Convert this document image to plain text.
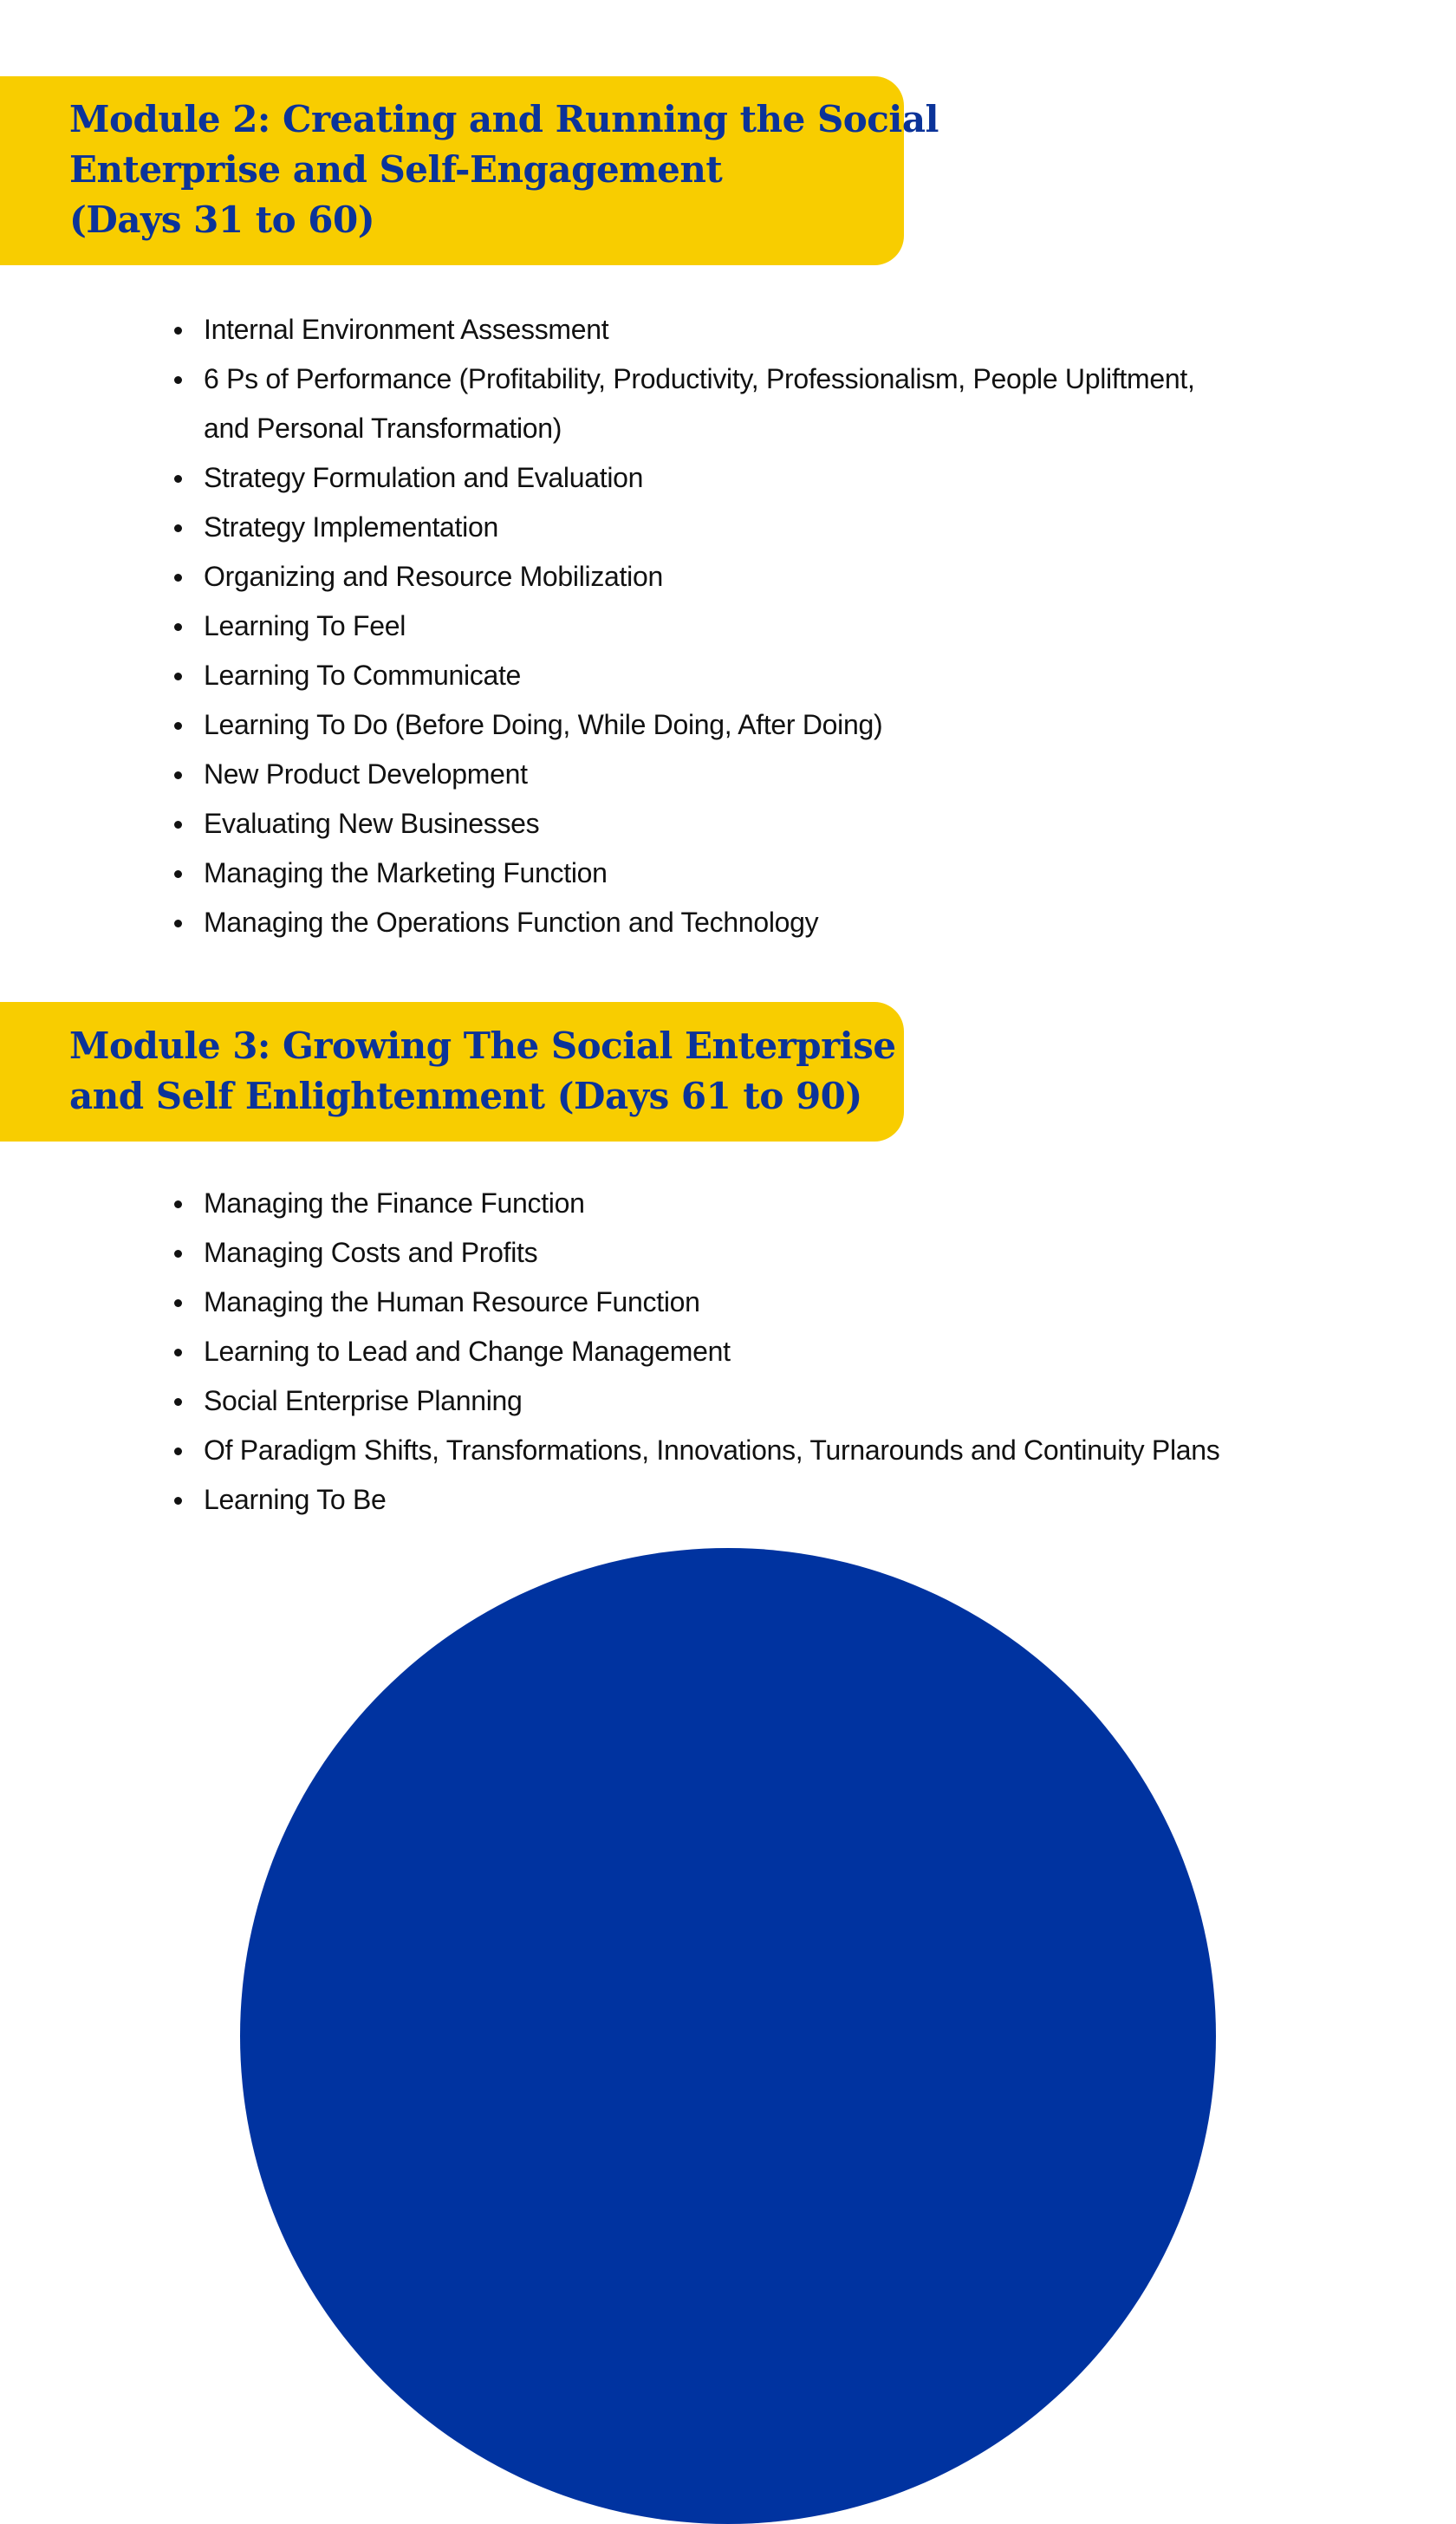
Module 2: Creating and Running the Social
Enterprise and Self-Engagement
(Days 31 to 60)
Internal Environment Assessment
6 Ps of Performance (Profitability, Productivity, Professionalism, People Upliftment,
and Personal Transformation)
Strategy Formulation and Evaluation
Strategy Implementation
Organizing and Resource Mobilization
Learning To Feel
Learning To Communicate
Learning To Do (Before Doing, While Doing, After Doing)
New Product Development
Evaluating New Businesses
Managing the Marketing Function
Managing the Operations Function and Technology
Module 3: Growing The Social Enterprise
and Self Enlightenment (Days 61 to 90)
Managing the Finance Function
Managing Costs and Profits
Managing the Human Resource Function
Learning to Lead and Change Management
Social Enterprise Planning
Of Paradigm Shifts, Transformations, Innovations, Turnarounds and Continuity Plans
Learning To Be
